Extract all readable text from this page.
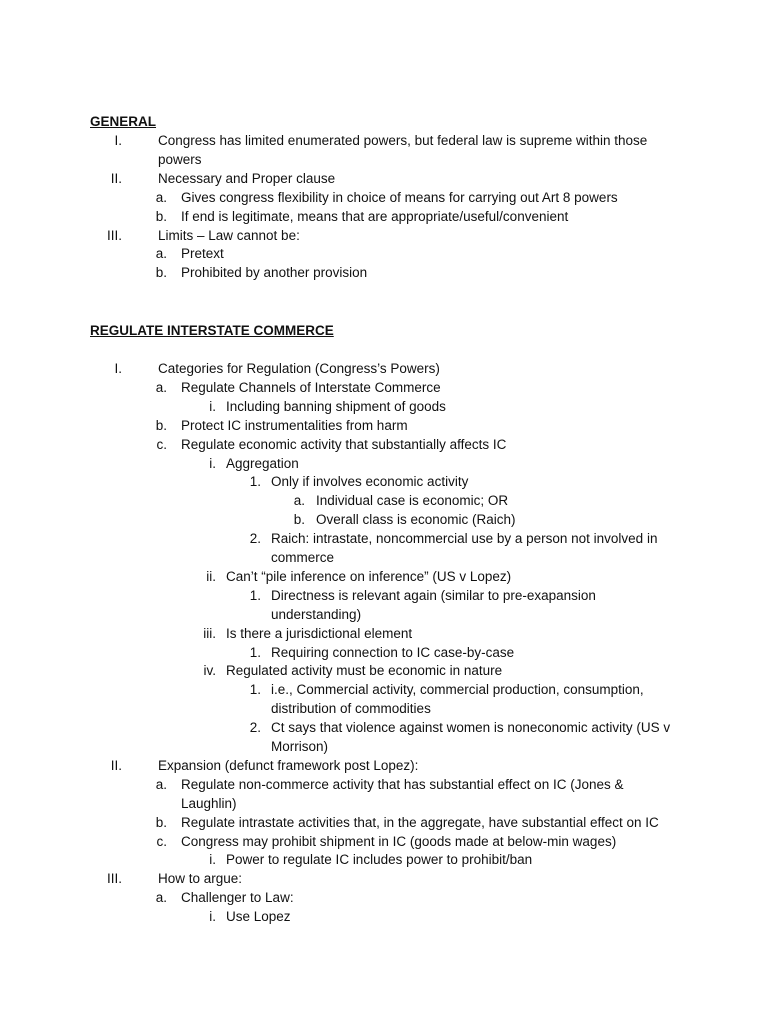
GENERAL
I.	Congress has limited enumerated powers, but federal law is supreme within those
powers
II.	Necessary and Proper clause
a. Gives congress flexibility in choice of means for carrying out Art 8 powers
b. If end is legitimate, means that are appropriate/useful/convenient
III.	Limits – Law cannot be:
a. Pretext
b. Prohibited by another provision
REGULATE INTERSTATE COMMERCE
I.	Categories for Regulation (Congress’s Powers)
a. Regulate Channels of Interstate Commerce
i. Including banning shipment of goods
b. Protect IC instrumentalities from harm
c. Regulate economic activity that substantially affects IC
i. Aggregation
1. Only if involves economic activity
a. Individual case is economic; OR
b. Overall class is economic (Raich)
2. Raich: intrastate, noncommercial use by a person not involved in
commerce
ii. Can’t “pile inference on inference” (US v Lopez)
1. Directness is relevant again (similar to pre-exapansion
understanding)
iii. Is there a jurisdictional element
1. Requiring connection to IC case-by-case
iv. Regulated activity must be economic in nature
1. i.e., Commercial activity, commercial production, consumption,
distribution of commodities
2. Ct says that violence against women is noneconomic activity (US v
Morrison)
II.	Expansion (defunct framework post Lopez):
a. Regulate non-commerce activity that has substantial effect on IC (Jones &
Laughlin)
b. Regulate intrastate activities that, in the aggregate, have substantial effect on IC
c. Congress may prohibit shipment in IC (goods made at below-min wages)
i. Power to regulate IC includes power to prohibit/ban
III.	How to argue:
a. Challenger to Law:
i. Use Lopez
